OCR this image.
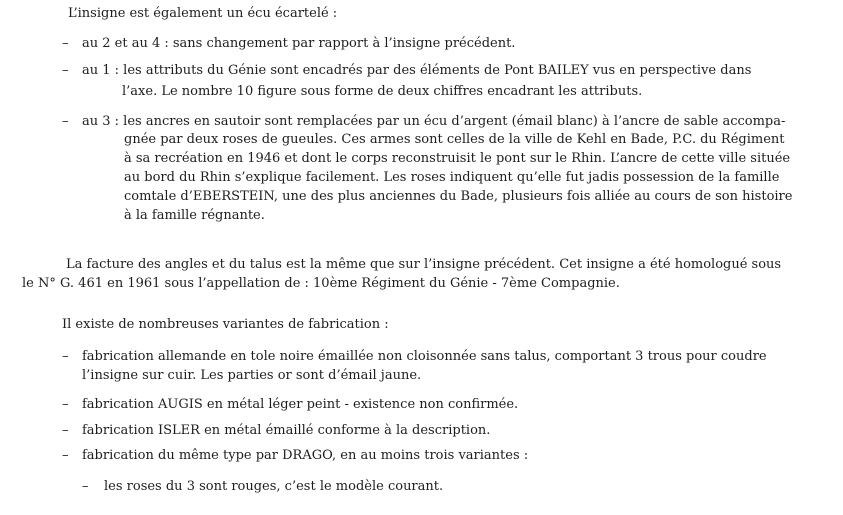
L’insigne est également un écu écartelé :
– au 2 et au 4 : sans changement par rapport à l’insigne précédent.
– au 1 : les attributs du Génie sont encadrés par des éléments de Pont BAILEY vus en perspective dans
l’axe. Le nombre 10 figure sous forme de deux chiffres encadrant les attributs.
– au 3 : les ancres en sautoir sont remplacées par un écu d’argent (émail blanc) à l’ancre de sable accompa-
gnée par deux roses de gueules. Ces armes sont celles de la ville de Kehl en Bade, P.C. du Régiment
à sa recréation en 1946 et dont le corps reconstruisit le pont sur le Rhin. L’ancre de cette ville située
au bord du Rhin s’explique facilement. Les roses indiquent qu’elle fut jadis possession de la famille
comtale d’EBERSTEIN, une des plus anciennes du Bade, plusieurs fois alliée au cours de son histoire
à la famille régnante.
La facture des angles et du talus est la même que sur l’insigne précédent. Cet insigne a été homologué sous
le N° G. 461 en 1961 sous l’appellation de : 10ème Régiment du Génie - 7ème Compagnie.
Il existe de nombreuses variantes de fabrication :
– fabrication allemande en tole noire émaillée non cloisonnée sans talus, comportant 3 trous pour coudre
l’insigne sur cuir. Les parties or sont d’émail jaune.
– fabrication AUGIS en métal léger peint - existence non confirmée.
– fabrication ISLER en métal émaillé conforme à la description.
– fabrication du même type par DRAGO, en au moins trois variantes :
– les roses du 3 sont rouges, c’est le modèle courant.
